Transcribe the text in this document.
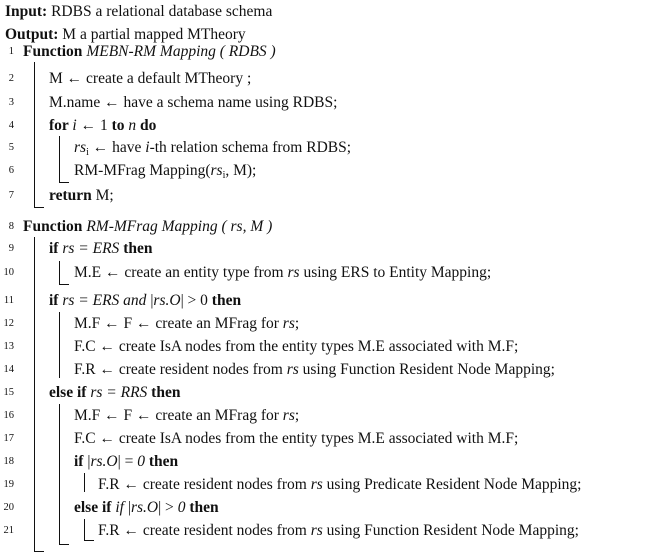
Input: RDBS a relational database schema
Output: M a partial mapped MTheory
1 Function MEBN-RM Mapping ( RDBS )
2 M ← create a default MTheory ;
3 M.name ← have a schema name using RDBS;
4 for i ← 1 to n do
5	$rs_i$ ← have i-th relation schema from RDBS;
6	RM-MFrag $Mapping(rs_i$, M);
7 return M;
8 Function RM-MFrag Mapping ( rs, M )
9 if rs = ERS then
10	M.E ← create an entity type from rs using ERS to Entity Mapping;
11 if rs = ERS and |rs.O| > 0 then
12	M.F ← F ← create an MFrag for rs;
13	F.C ← create IsA nodes from the entity types M.E associated with M.F;
14	F.R ← create resident nodes from rs using Function Resident Node Mapping;
15 else if rs = RRS then
16	M.F ← F ← create an MFrag for rs;
17	F.C ← create IsA nodes from the entity types M.E associated with M.F;
18	if |rs.O| = 0 then
19	F.R ← create resident nodes from rs using Predicate Resident Node Mapping;
20	else if if |rs.O| > 0 then
21	F.R ← create resident nodes from rs using Function Resident Node Mapping;
